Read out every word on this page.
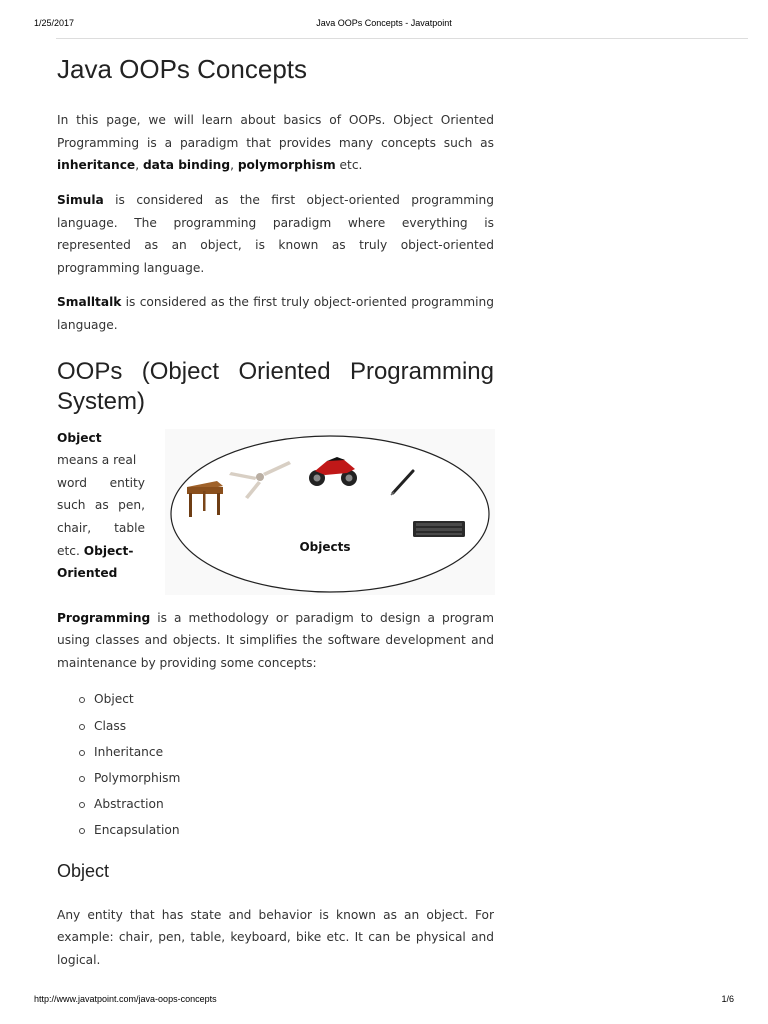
1/25/2017	Java OOPs Concepts - Javatpoint
Java OOPs Concepts

In this page, we will learn about basics of OOPs. Object Oriented Programming is a paradigm that provides many concepts such as inheritance, data binding, polymorphism etc.

Simula is considered as the first object-oriented programming language. The programming paradigm where everything is represented as an object, is known as truly object-oriented programming language.

Smalltalk is considered as the first truly object-oriented programming language.

OOPs (Object Oriented Programming System)
Object
means a real
word entity
such as pen,
chair, table
etc. Object-
Oriented
Objects

Programming is a methodology or paradigm to design a program using classes and objects. It simplifies the software development and maintenance by providing some concepts:

Object
Class
Inheritance
Polymorphism
Abstraction
Encapsulation
Object

Any entity that has state and behavior is known as an object. For example: chair, pen, table, keyboard, bike etc. It can be physical and logical.

http://www.javatpoint.com/java-oops-concepts	1/6
